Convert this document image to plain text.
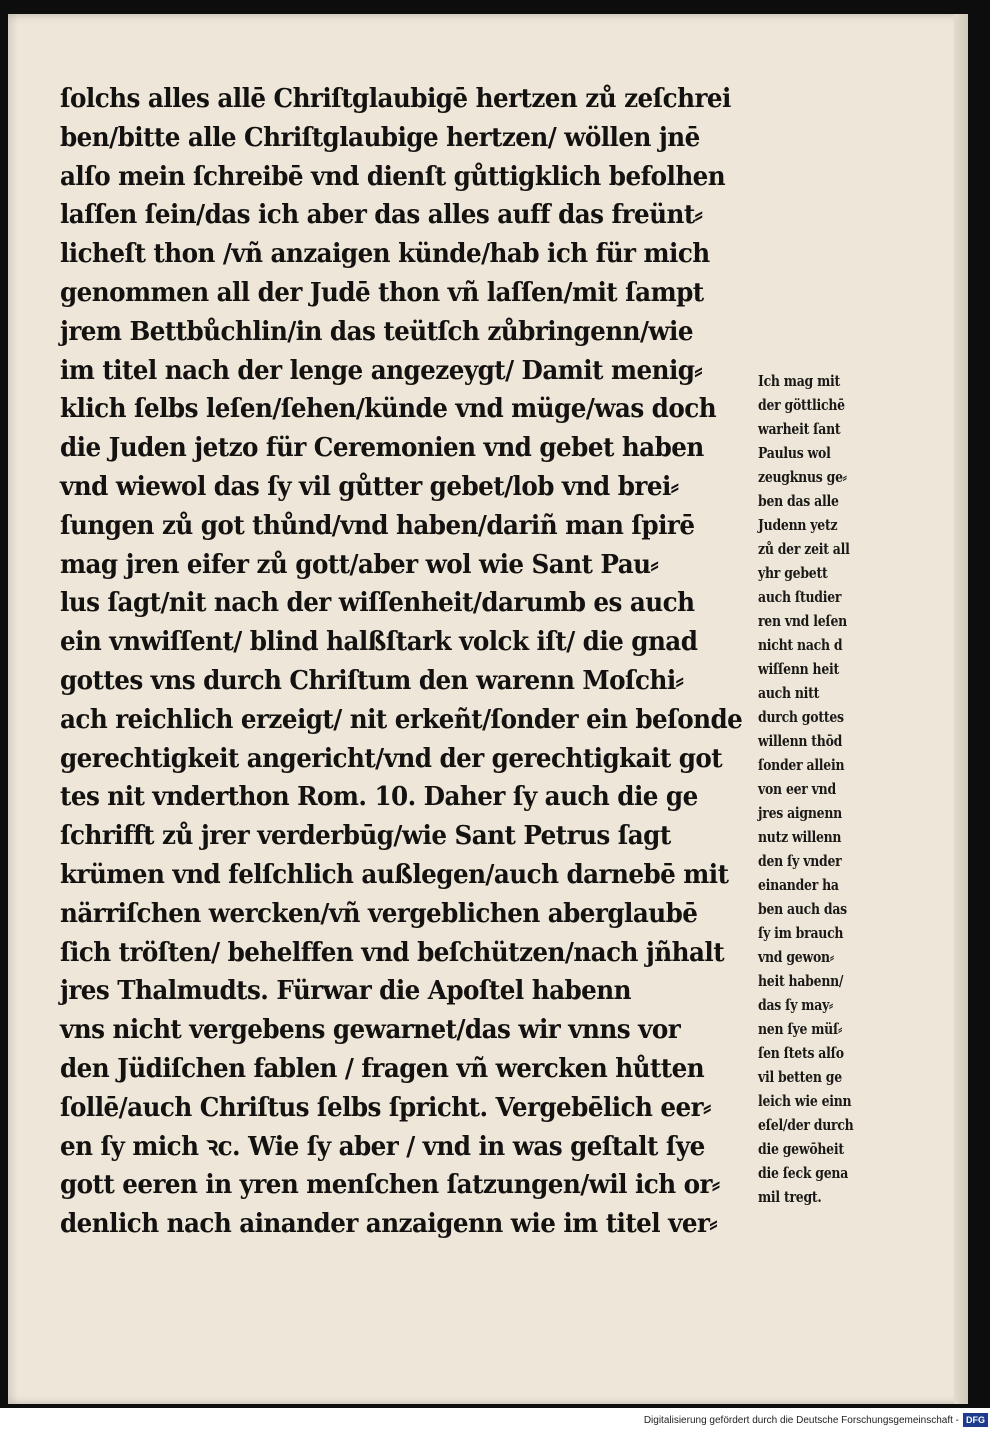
ſolchs alles allē Chriſtglaubigē hertzen zů zeſchrei
ben/bitte alle Chriſtglaubige hertzen/ wöllen jnē
alſo mein ſchreibē vnd dienſt gůttigklich befolhen
laſſen ſein/das ich aber das alles auff das freünt⸗
licheſt thon /vñ anzaigen künde/hab ich für mich
genommen all der Judē thon vñ laſſen/mit ſampt
jrem Bettbůchlin/in das teütſch zůbringenn/wie
im titel nach der lenge angezeygt/ Damit menig⸗
klich ſelbs leſen/ſehen/künde vnd müge/was doch
die Juden jetzo für Ceremonien vnd gebet haben
vnd wiewol das ſy vil gůtter gebet/lob vnd brei⸗
ſungen zů got thůnd/vnd haben/dariñ man ſpirē
mag jren eifer zů gott/aber wol wie Sant Pau⸗
lus ſagt/nit nach der wiſſenheit/darumb es auch
ein vnwiſſent/ blind halßſtark volck iſt/ die gnad
gottes vns durch Chriſtum den warenn Moſchi⸗
ach reichlich erzeigt/ nit erkeñt/ſonder ein beſonde
gerechtigkeit angericht/vnd der gerechtigkait got
tes nit vnderthon Rom. 10. Daher ſy auch die ge
ſchrifft zů jrer verderbūg/wie Sant Petrus ſagt
krümen vnd felſchlich außlegen/auch darnebē mit
närriſchen wercken/vñ vergeblichen aberglaubē
ſich tröſten/ behelffen vnd beſchützen/nach jñhalt
jres Thalmudts. Fürwar die Apoſtel habenn
vns nicht vergebens gewarnet/das wir vnns vor
den Jüdiſchen fablen / fragen vñ wercken hůtten
ſollē/auch Chriſtus ſelbs ſpricht. Vergebēlich eer⸗
en ſy mich ꝛc. Wie ſy aber / vnd in was geſtalt ſye
gott eeren in yren menſchen ſatzungen/wil ich or⸗
denlich nach ainander anzaigenn wie im titel ver⸗
Ich mag mit
der göttlichē
warheit ſant
Paulus wol
zeugknus ge⸗
ben das alle
Judenn yetz
zů der zeit all
yhr gebett
auch ſtudier
ren vnd leſen
nicht nach d
wiſſenn heit
auch nitt
durch gottes
willenn thōd
ſonder allein
von eer vnd
jres aignenn
nutz willenn
den ſy vnder
einander ha
ben auch das
ſy im brauch
vnd gewon⸗
heit habenn/
das ſy may⸗
nen ſye müſ⸗
ſen ſtets alſo
vil betten ge
leich wie einn
eſel/der durch
die gewōheit
die ſeck gena
mil tregt.
Digitalisierung gefördert durch die Deutsche Forschungsgemeinschaft - DFG
